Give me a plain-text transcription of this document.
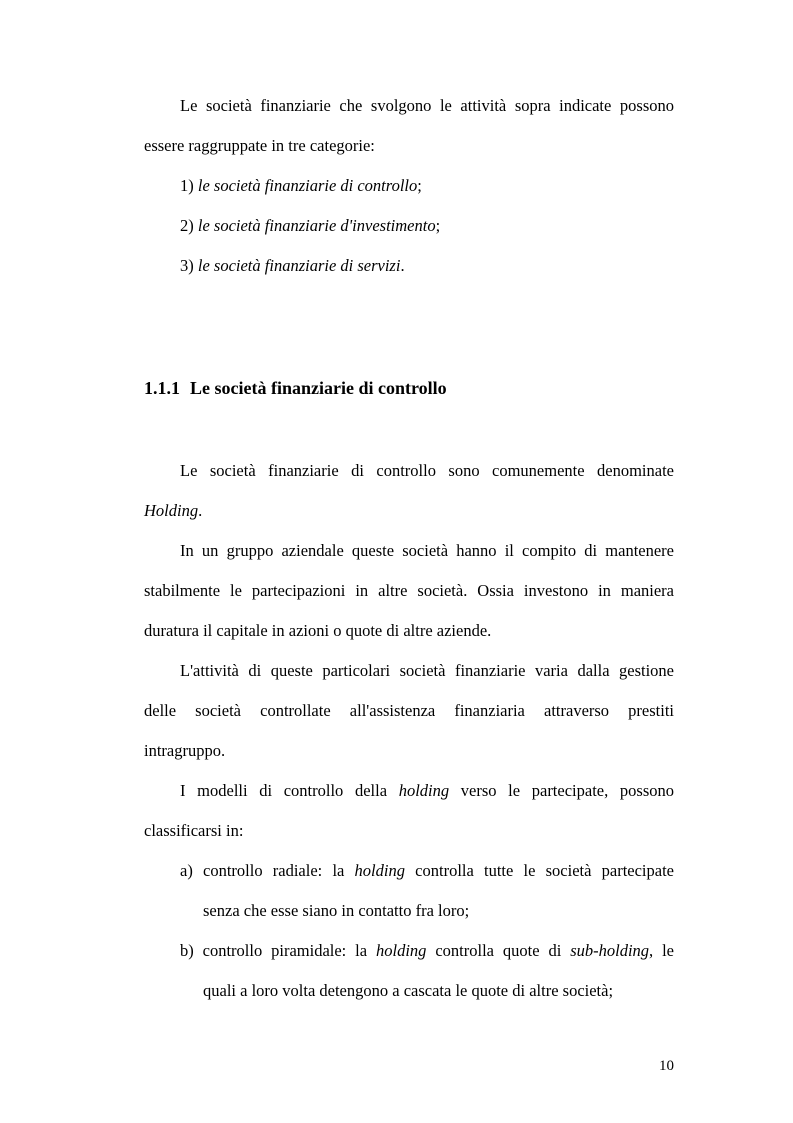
Le società finanziarie che svolgono le attività sopra indicate possono
essere raggruppate in tre categorie:
1) le società finanziarie di controllo;
2) le società finanziarie d'investimento;
3) le società finanziarie di servizi.
1.1.1 Le società finanziarie di controllo
Le società finanziarie di controllo sono comunemente denominate
Holding.
In un gruppo aziendale queste società hanno il compito di mantenere
stabilmente le partecipazioni in altre società. Ossia investono in maniera
duratura il capitale in azioni o quote di altre aziende.
L'attività di queste particolari società finanziarie varia dalla gestione
delle società controllate all'assistenza finanziaria attraverso prestiti
intragruppo.
I modelli di controllo della holding verso le partecipate, possono
classificarsi in:
a) controllo radiale: la holding controlla tutte le società partecipate
senza che esse siano in contatto fra loro;
b) controllo piramidale: la holding controlla quote di sub-holding, le
quali a loro volta detengono a cascata le quote di altre società;
10
